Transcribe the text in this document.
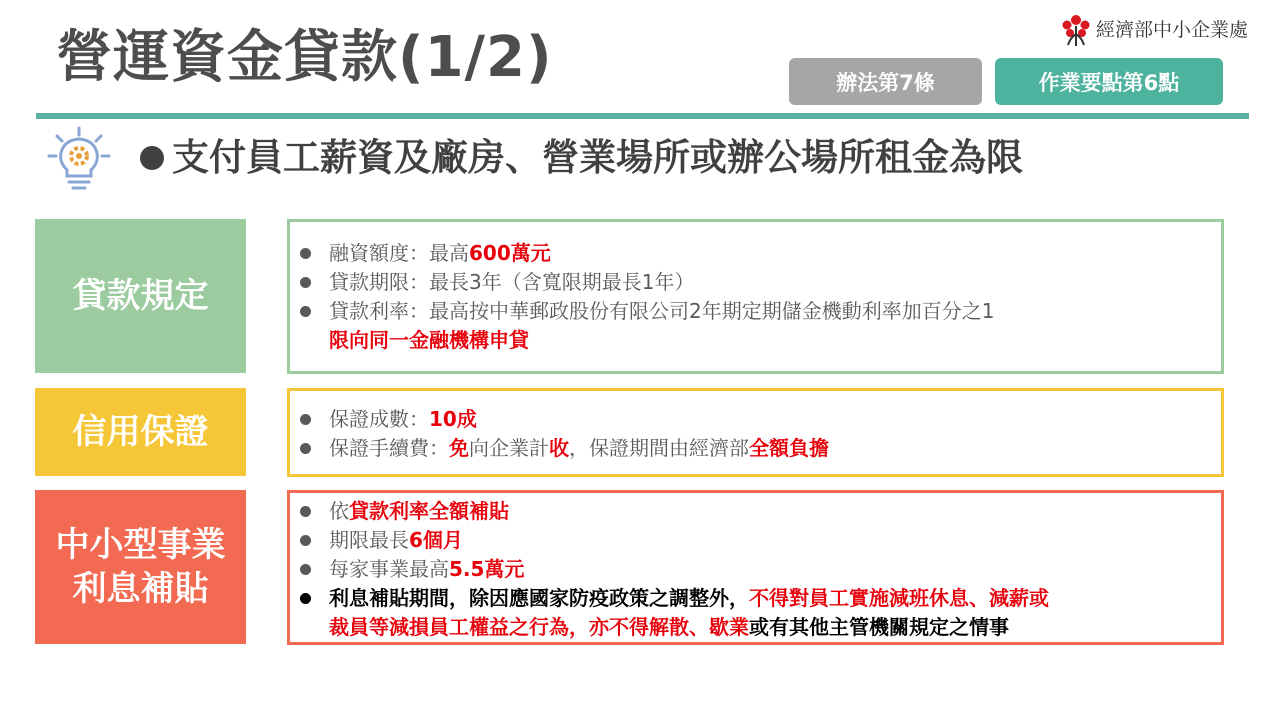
營運資金貸款(1/2)	經濟部中小企業處
辦法第7條	作業要點第6點
支付員工薪資及廠房、營業場所或辦公場所租金為限
貸款規定
融資額度：最高 600萬元
貸款期限：最長3年（含寬限期最長1年）
貸款利率：最高按中華郵政股份有限公司2年期定期儲金機動利率加百分之1
限向同一金融機構申貸
信用保證	保證成數： 10成
保證手續費： 免 向企業計 收 ，保證期間由經濟部 全額負擔
中小型事業
利息補貼
依 貸款利率全額補貼
期限最長 6個月
每家事業最高 5.5萬元
利息補貼期間，除因應國家防疫政策之調整外， 不得對員工實施減班休息、減薪或
裁員等減損員工權益之行為，亦不得解散、歇業或有其他主管機關規定之情事
